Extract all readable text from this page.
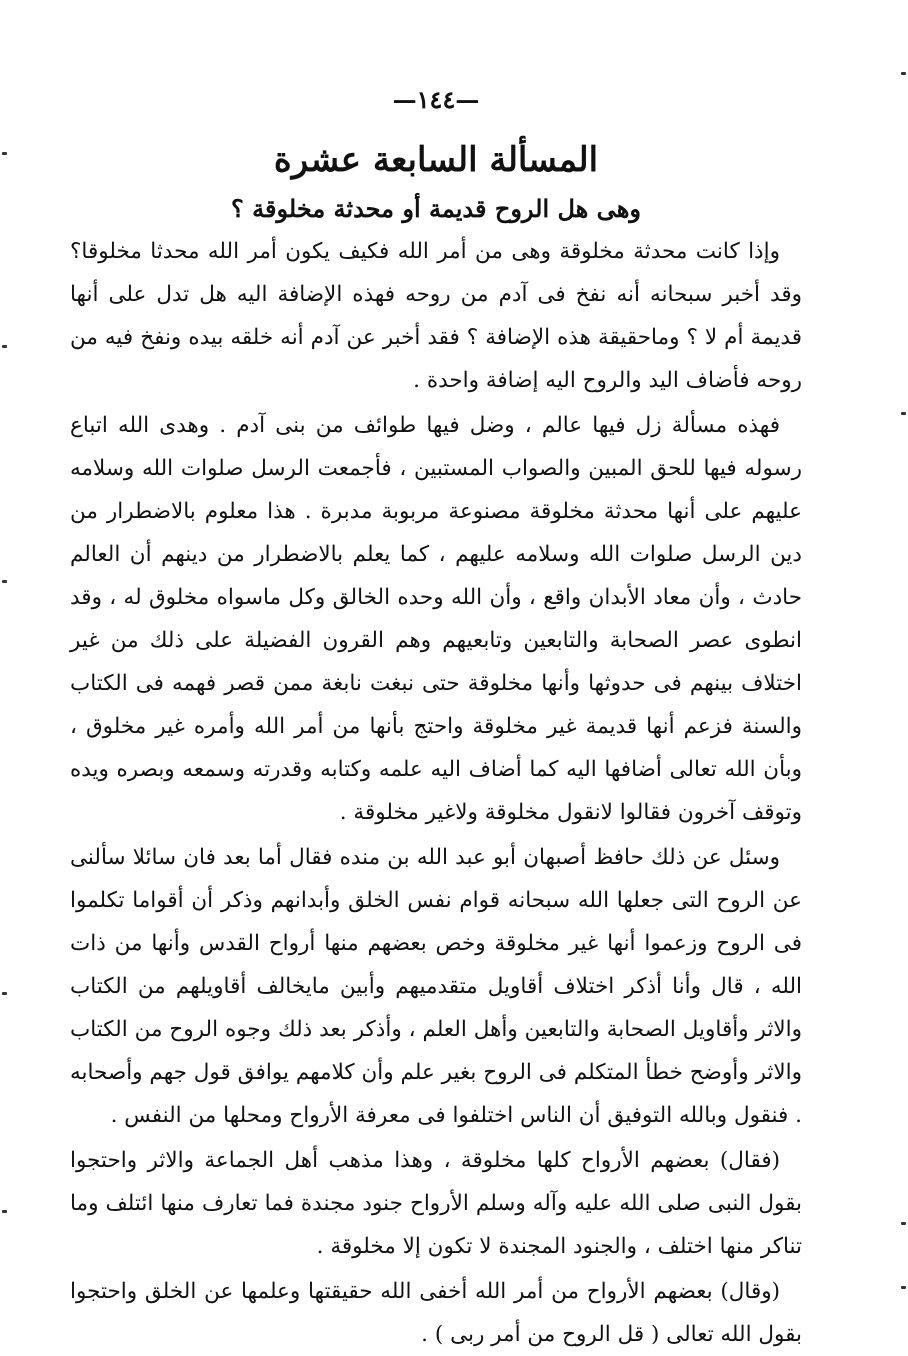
—١٤٤—
المسألة السابعة عشرة
وهى هل الروح قديمة أو محدثة مخلوقة ؟

وإذا كانت محدثة مخلوقة وهى من أمر الله فكيف يكون أمر الله محدثا مخلوقا؟ وقد أخبر سبحانه أنه نفخ فى آدم من روحه فهذه الإضافة اليه هل تدل على أنها قديمة أم لا ؟ وماحقيقة هذه الإضافة ؟ فقد أخبر عن آدم أنه خلقه بيده ونفخ فيه من روحه فأضاف اليد والروح اليه إضافة واحدة .

فهذه مسألة زل فيها عالم ، وضل فيها طوائف من بنى آدم . وهدى الله اتباع رسوله فيها للحق المبين والصواب المستبين ، فأجمعت الرسل صلوات الله وسلامه عليهم على أنها محدثة مخلوقة مصنوعة مربوبة مدبرة . هذا معلوم بالاضطرار من دين الرسل صلوات الله وسلامه عليهم ، كما يعلم بالاضطرار من دينهم أن العالم حادث ، وأن معاد الأبدان واقع ، وأن الله وحده الخالق وكل ماسواه مخلوق له ، وقد انطوى عصر الصحابة والتابعين وتابعيهم وهم القرون الفضيلة على ذلك من غير اختلاف بينهم فى حدوثها وأنها مخلوقة حتى نبغت نابغة ممن قصر فهمه فى الكتاب والسنة فزعم أنها قديمة غير مخلوقة واحتج بأنها من أمر الله وأمره غير مخلوق ، وبأن الله تعالى أضافها اليه كما أضاف اليه علمه وكتابه وقدرته وسمعه وبصره ويده وتوقف آخرون فقالوا لانقول مخلوقة ولاغير مخلوقة .

وسئل عن ذلك حافظ أصبهان أبو عبد الله بن منده فقال أما بعد فان سائلا سألنى عن الروح التى جعلها الله سبحانه قوام نفس الخلق وأبدانهم وذكر أن أقواما تكلموا فى الروح وزعموا أنها غير مخلوقة وخص بعضهم منها أرواح القدس وأنها من ذات الله ، قال وأنا أذكر اختلاف أقاويل متقدميهم وأبين مايخالف أقاويلهم من الكتاب والاثر وأقاويل الصحابة والتابعين وأهل العلم ، وأذكر بعد ذلك وجوه الروح من الكتاب والاثر وأوضح خطأ المتكلم فى الروح بغير علم وأن كلامهم يوافق قول جهم وأصحابه . فنقول وبالله التوفيق أن الناس اختلفوا فى معرفة الأرواح ومحلها من النفس .

(فقال) بعضهم الأرواح كلها مخلوقة ، وهذا مذهب أهل الجماعة والاثر واحتجوا بقول النبى صلى الله عليه وآله وسلم الأرواح جنود مجندة فما تعارف منها ائتلف وما تناكر منها اختلف ، والجنود المجندة لا تكون إلا مخلوقة .

(وقال) بعضهم الأرواح من أمر الله أخفى الله حقيقتها وعلمها عن الخلق واحتجوا بقول الله تعالى ( قل الروح من أمر ربى ) .
